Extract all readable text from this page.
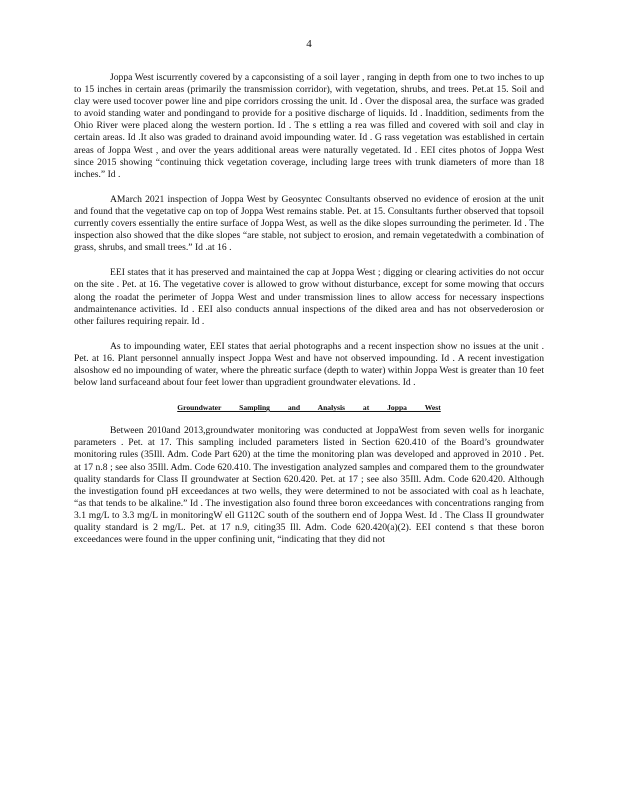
4

Joppa West iscurrently covered by a capconsisting of a soil layer , ranging in depth from one to two inches to up to 15 inches in certain areas (primarily the transmission corridor), with vegetation, shrubs, and trees. Pet.at 15. Soil and clay were used tocover power line and pipe corridors crossing the unit. Id . Over the disposal area, the surface was graded to avoid standing water and pondingand to provide for a positive discharge of liquids. Id . Inaddition, sediments from the Ohio River were placed along the western portion. Id . The s ettling a rea was filled and covered with soil and clay in certain areas. Id .It also was graded to drainand avoid impounding water. Id . G rass vegetation was established in certain areas of Joppa West , and over the years additional areas were naturally vegetated. Id . EEI cites photos of Joppa West since 2015 showing “continuing thick vegetation coverage, including large trees with trunk diameters of more than 18 inches.” Id .

AMarch 2021 inspection of Joppa West by Geosyntec Consultants observed no evidence of erosion at the unit and found that the vegetative cap on top of Joppa West remains stable. Pet. at 15. Consultants further observed that topsoil currently covers essentially the entire surface of Joppa West, as well as the dike slopes surrounding the perimeter. Id . The inspection also showed that the dike slopes “are stable, not subject to erosion, and remain vegetatedwith a combination of grass, shrubs, and small trees.” Id .at 16 .

EEI states that it has preserved and maintained the cap at Joppa West ; digging or clearing activities do not occur on the site . Pet. at 16. The vegetative cover is allowed to grow without disturbance, except for some mowing that occurs along the roadat the perimeter of Joppa West and under transmission lines to allow access for necessary inspections andmaintenance activities. Id . EEI also conducts annual inspections of the diked area and has not observederosion or other failures requiring repair. Id .

As to impounding water, EEI states that aerial photographs and a recent inspection show no issues at the unit . Pet. at 16. Plant personnel annually inspect Joppa West and have not observed impounding. Id . A recent investigation alsoshow ed no impounding of water, where the phreatic surface (depth to water) within Joppa West is greater than 10 feet below land surfaceand about four feet lower than upgradient groundwater elevations. Id .

Groundwater Sampling and Analysis at Joppa West

Between 2010and 2013,groundwater monitoring was conducted at JoppaWest from seven wells for inorganic parameters . Pet. at 17. This sampling included parameters listed in Section 620.410 of the Board’s groundwater monitoring rules (35Ill. Adm. Code Part 620) at the time the monitoring plan was developed and approved in 2010 . Pet. at 17 n.8 ; see also 35Ill. Adm. Code 620.410. The investigation analyzed samples and compared them to the groundwater quality standards for Class II groundwater at Section 620.420. Pet. at 17 ; see also 35Ill. Adm. Code 620.420. Although the investigation found pH exceedances at two wells, they were determined to not be associated with coal as h leachate, “as that tends to be alkaline.” Id . The investigation also found three boron exceedances with concentrations ranging from 3.1 mg/L to 3.3 mg/L in monitoringW ell G112C south of the southern end of Joppa West. Id . The Class II groundwater quality standard is 2 mg/L. Pet. at 17 n.9, citing35 Ill. Adm. Code 620.420(a)(2). EEI contend s that these boron exceedances were found in the upper confining unit, “indicating that they did not
